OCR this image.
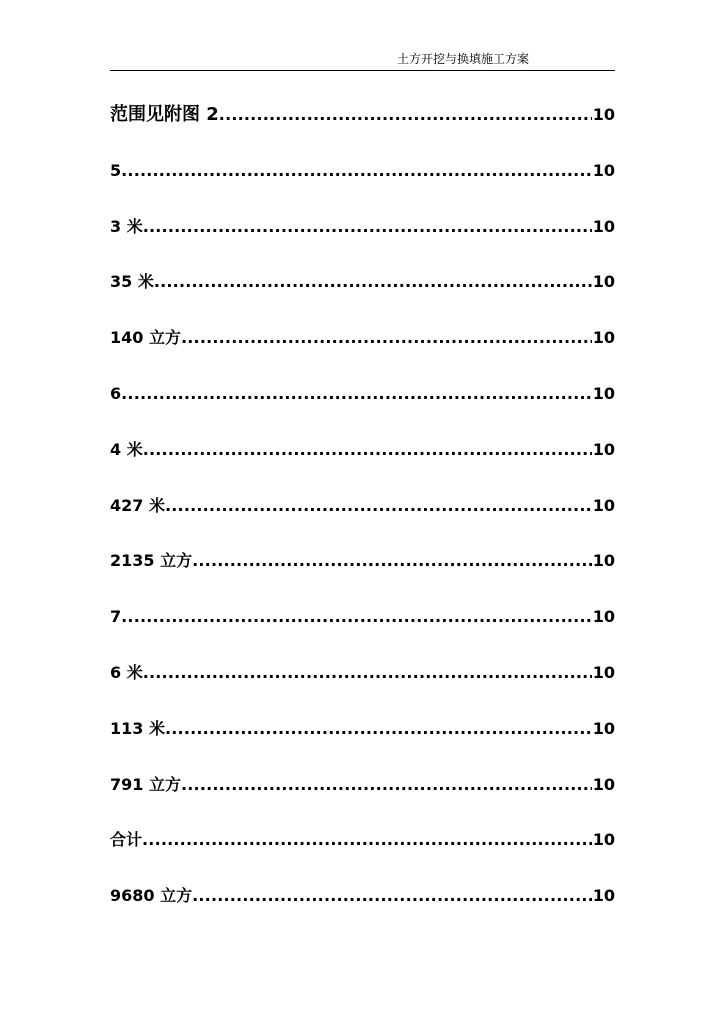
土方开挖与换填施工方案
范围见附图 2 .....	10
5 .....	10
3 米 .....	10
35 米 .....	10
140 立方 .....	10
6 .....	10
4 米 .....	10
427 米 .....	10
2135 立方 .....	10
7 .....	10
6 米 .....	10
113 米 .....	10
791 立方 .....	10
合计 .....	10
9680 立方 .....	10
